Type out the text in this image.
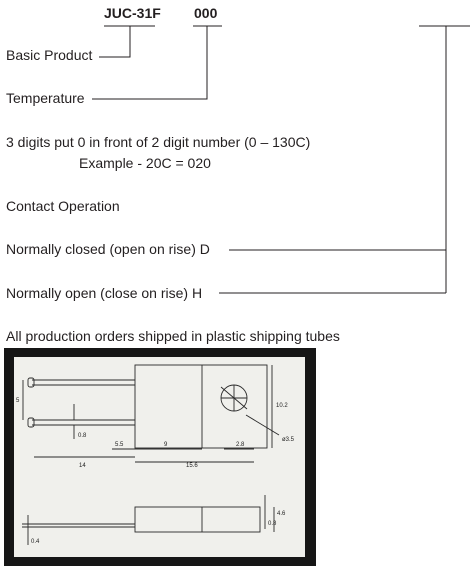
JUC-31F 000
Basic Product
Temperature
3 digits put 0 in front of 2 digit number (0 – 130C)
Example - 20C = 020
Contact Operation
Normally closed (open on rise) D
Normally open (close on rise) H
All production orders shipped in plastic shipping tubes
5
0.8
5.5	9
14	15.6
2.8
10.2
ø3.5
4.6
0.8
0.4
